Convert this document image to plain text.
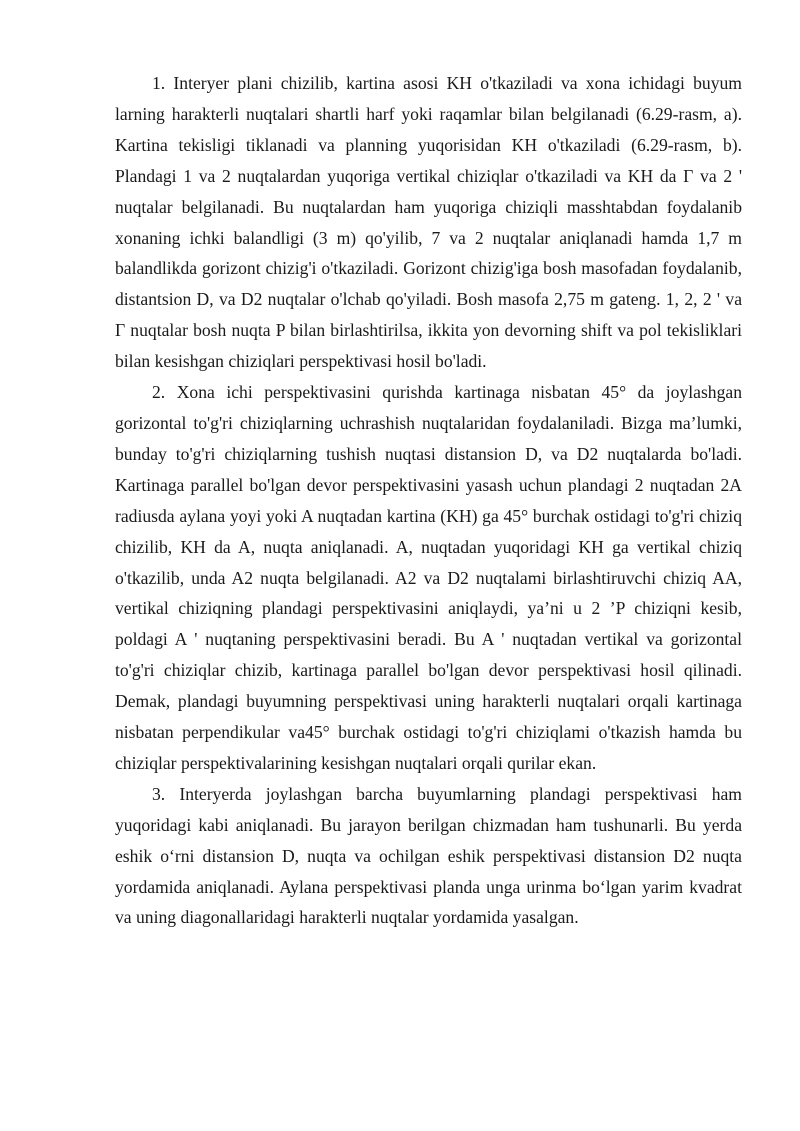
1. Interyer plani chizilib, kartina asosi KH o'tkaziladi va xona ichidagi buyum larning harakterli nuqtalari shartli harf yoki raqamlar bilan belgilanadi (6.29-rasm, a). Kartina tekisligi tiklanadi va planning yuqorisidan KH o'tkaziladi (6.29-rasm, b). Plandagi 1 va 2 nuqtalardan yuqoriga vertikal chiziqlar o'tkaziladi va KH da Γ va 2 ' nuqtalar belgilanadi. Bu nuqtalardan ham yuqoriga chiziqli masshtabdan foydalanib xonaning ichki balandligi (3 m) qo'yilib, 7 va 2 nuqtalar aniqlanadi hamda 1,7 m balandlikda gorizont chizig'i o'tkaziladi. Gorizont chizig'iga bosh masofadan foydalanib, distantsion D, va D2 nuqtalar o'lchab qo'yiladi. Bosh masofa 2,75 m gateng. 1, 2, 2 ' va Γ nuqtalar bosh nuqta P bilan birlashtirilsa, ikkita yon devorning shift va pol tekisliklari bilan kesishgan chiziqlari perspektivasi hosil bo'ladi.

2. Xona ichi perspektivasini qurishda kartinaga nisbatan 45° da joylashgan gorizontal to'g'ri chiziqlarning uchrashish nuqtalaridan foydalaniladi. Bizga ma’lumki, bunday to'g'ri chiziqlarning tushish nuqtasi distansion D, va D2 nuqtalarda bo'ladi. Kartinaga parallel bo'lgan devor perspektivasini yasash uchun plandagi 2 nuqtadan 2A radiusda aylana yoyi yoki A nuqtadan kartina (KH) ga 45° burchak ostidagi to'g'ri chiziq chizilib, KH da A, nuqta aniqlanadi. A, nuqtadan yuqoridagi KH ga vertikal chiziq o'tkazilib, unda A2 nuqta belgilanadi. A2 va D2 nuqtalami birlashtiruvchi chiziq AA, vertikal chiziqning plandagi perspektivasini aniqlaydi, ya’ni u 2 ’P chiziqni kesib, poldagi A ' nuqtaning perspektivasini beradi. Bu A ' nuqtadan vertikal va gorizontal to'g'ri chiziqlar chizib, kartinaga parallel bo'lgan devor perspektivasi hosil qilinadi. Demak, plandagi buyumning perspektivasi uning harakterli nuqtalari orqali kartinaga nisbatan perpendikular va45° burchak ostidagi to'g'ri chiziqlami o'tkazish hamda bu chiziqlar perspektivalarining kesishgan nuqtalari orqali qurilar ekan.

3. Interyerda joylashgan barcha buyumlarning plandagi perspektivasi ham yuqoridagi kabi aniqlanadi. Bu jarayon berilgan chizmadan ham tushunarli. Bu yerda eshik o‘rni distansion D, nuqta va ochilgan eshik perspektivasi distansion D2 nuqta yordamida aniqlanadi. Aylana perspektivasi planda unga urinma bo‘lgan yarim kvadrat va uning diagonallaridagi harakterli nuqtalar yordamida yasalgan.
